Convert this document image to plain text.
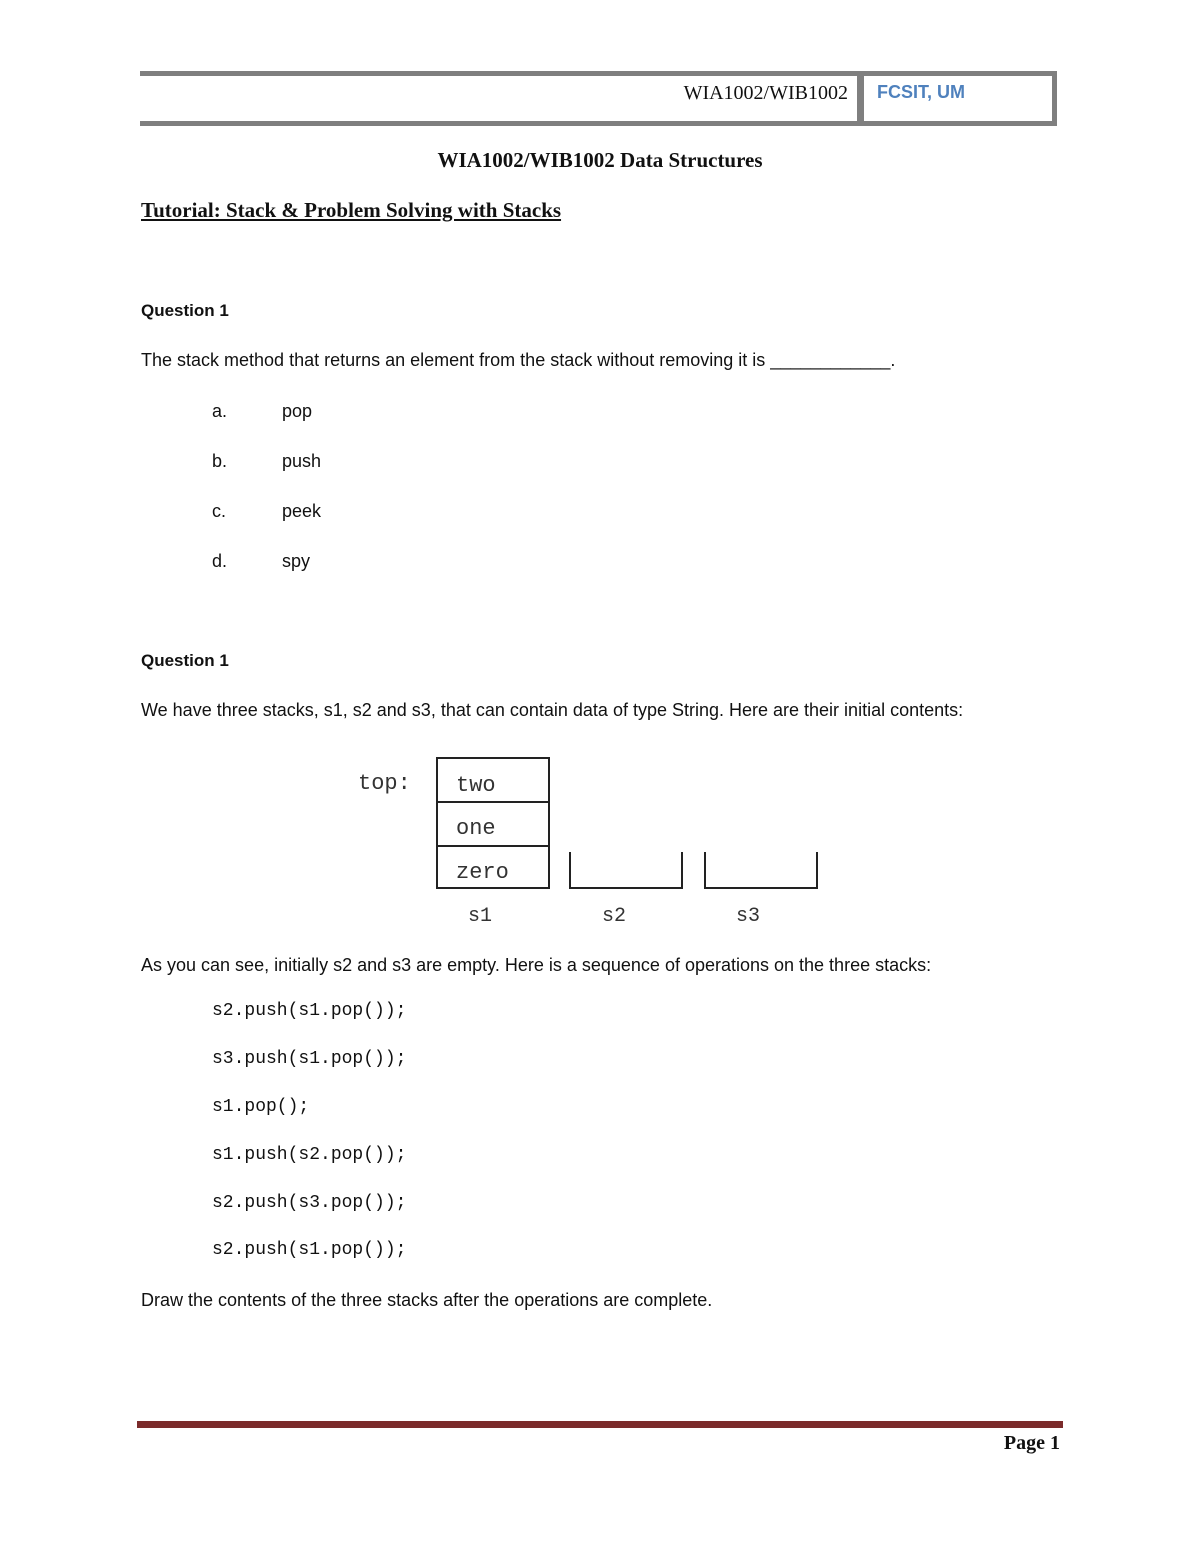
WIA1002/WIB1002 FCSIT, UM
WIA1002/WIB1002 Data Structures
Tutorial: Stack & Problem Solving with Stacks
Question 1
The stack method that returns an element from the stack without removing it is ____________.
a.	pop
b.	push
c.	peek
d.	spy
Question 1
We have three stacks, s1, s2 and s3, that can contain data of type String. Here are their initial contents:
top: two
one
zero
s1	s2	s3
As you can see, initially s2 and s3 are empty. Here is a sequence of operations on the three stacks:
s2.push(s1.pop());
s3.push(s1.pop());
s1.pop();
s1.push(s2.pop());
s2.push(s3.pop());
s2.push(s1.pop());
Draw the contents of the three stacks after the operations are complete.
Page 1
